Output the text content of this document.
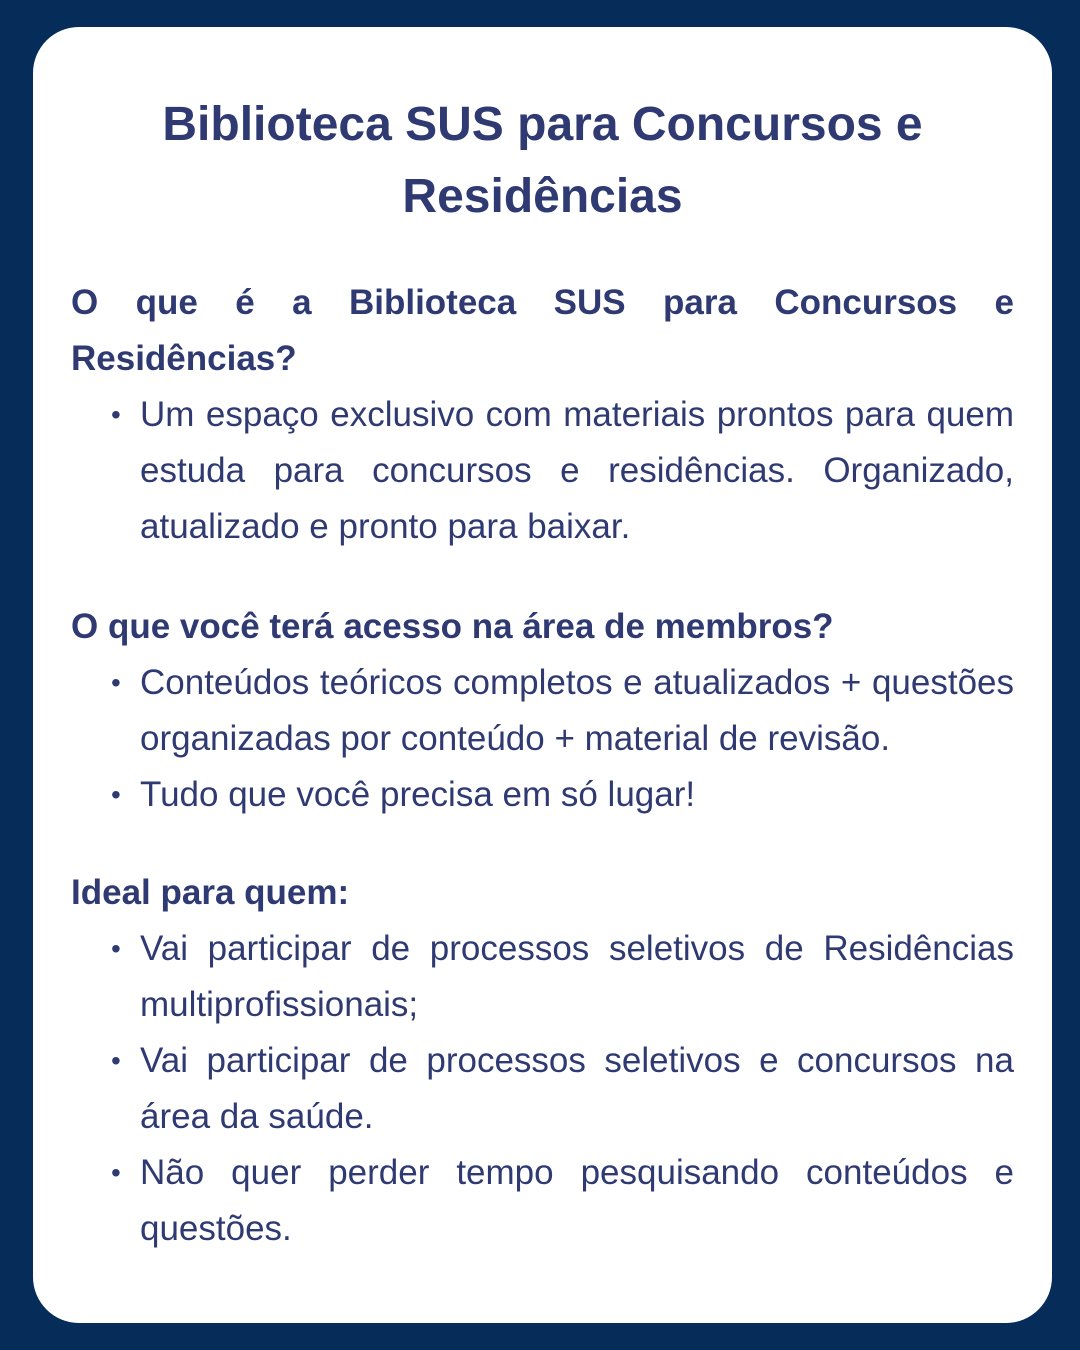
Biblioteca SUS para Concursos e Residências

O que é a Biblioteca SUS para Concursos e Residências?

• Um espaço exclusivo com materiais prontos para quem estuda para concursos e residências. Organizado, atualizado e pronto para baixar.

O que você terá acesso na área de membros?

• Conteúdos teóricos completos e atualizados + questões organizadas por conteúdo + material de revisão.
• Tudo que você precisa em só lugar!

Ideal para quem:

• Vai participar de processos seletivos de Residências multiprofissionais;
• Vai participar de processos seletivos e concursos na área da saúde.
• Não quer perder tempo pesquisando conteúdos e questões.
